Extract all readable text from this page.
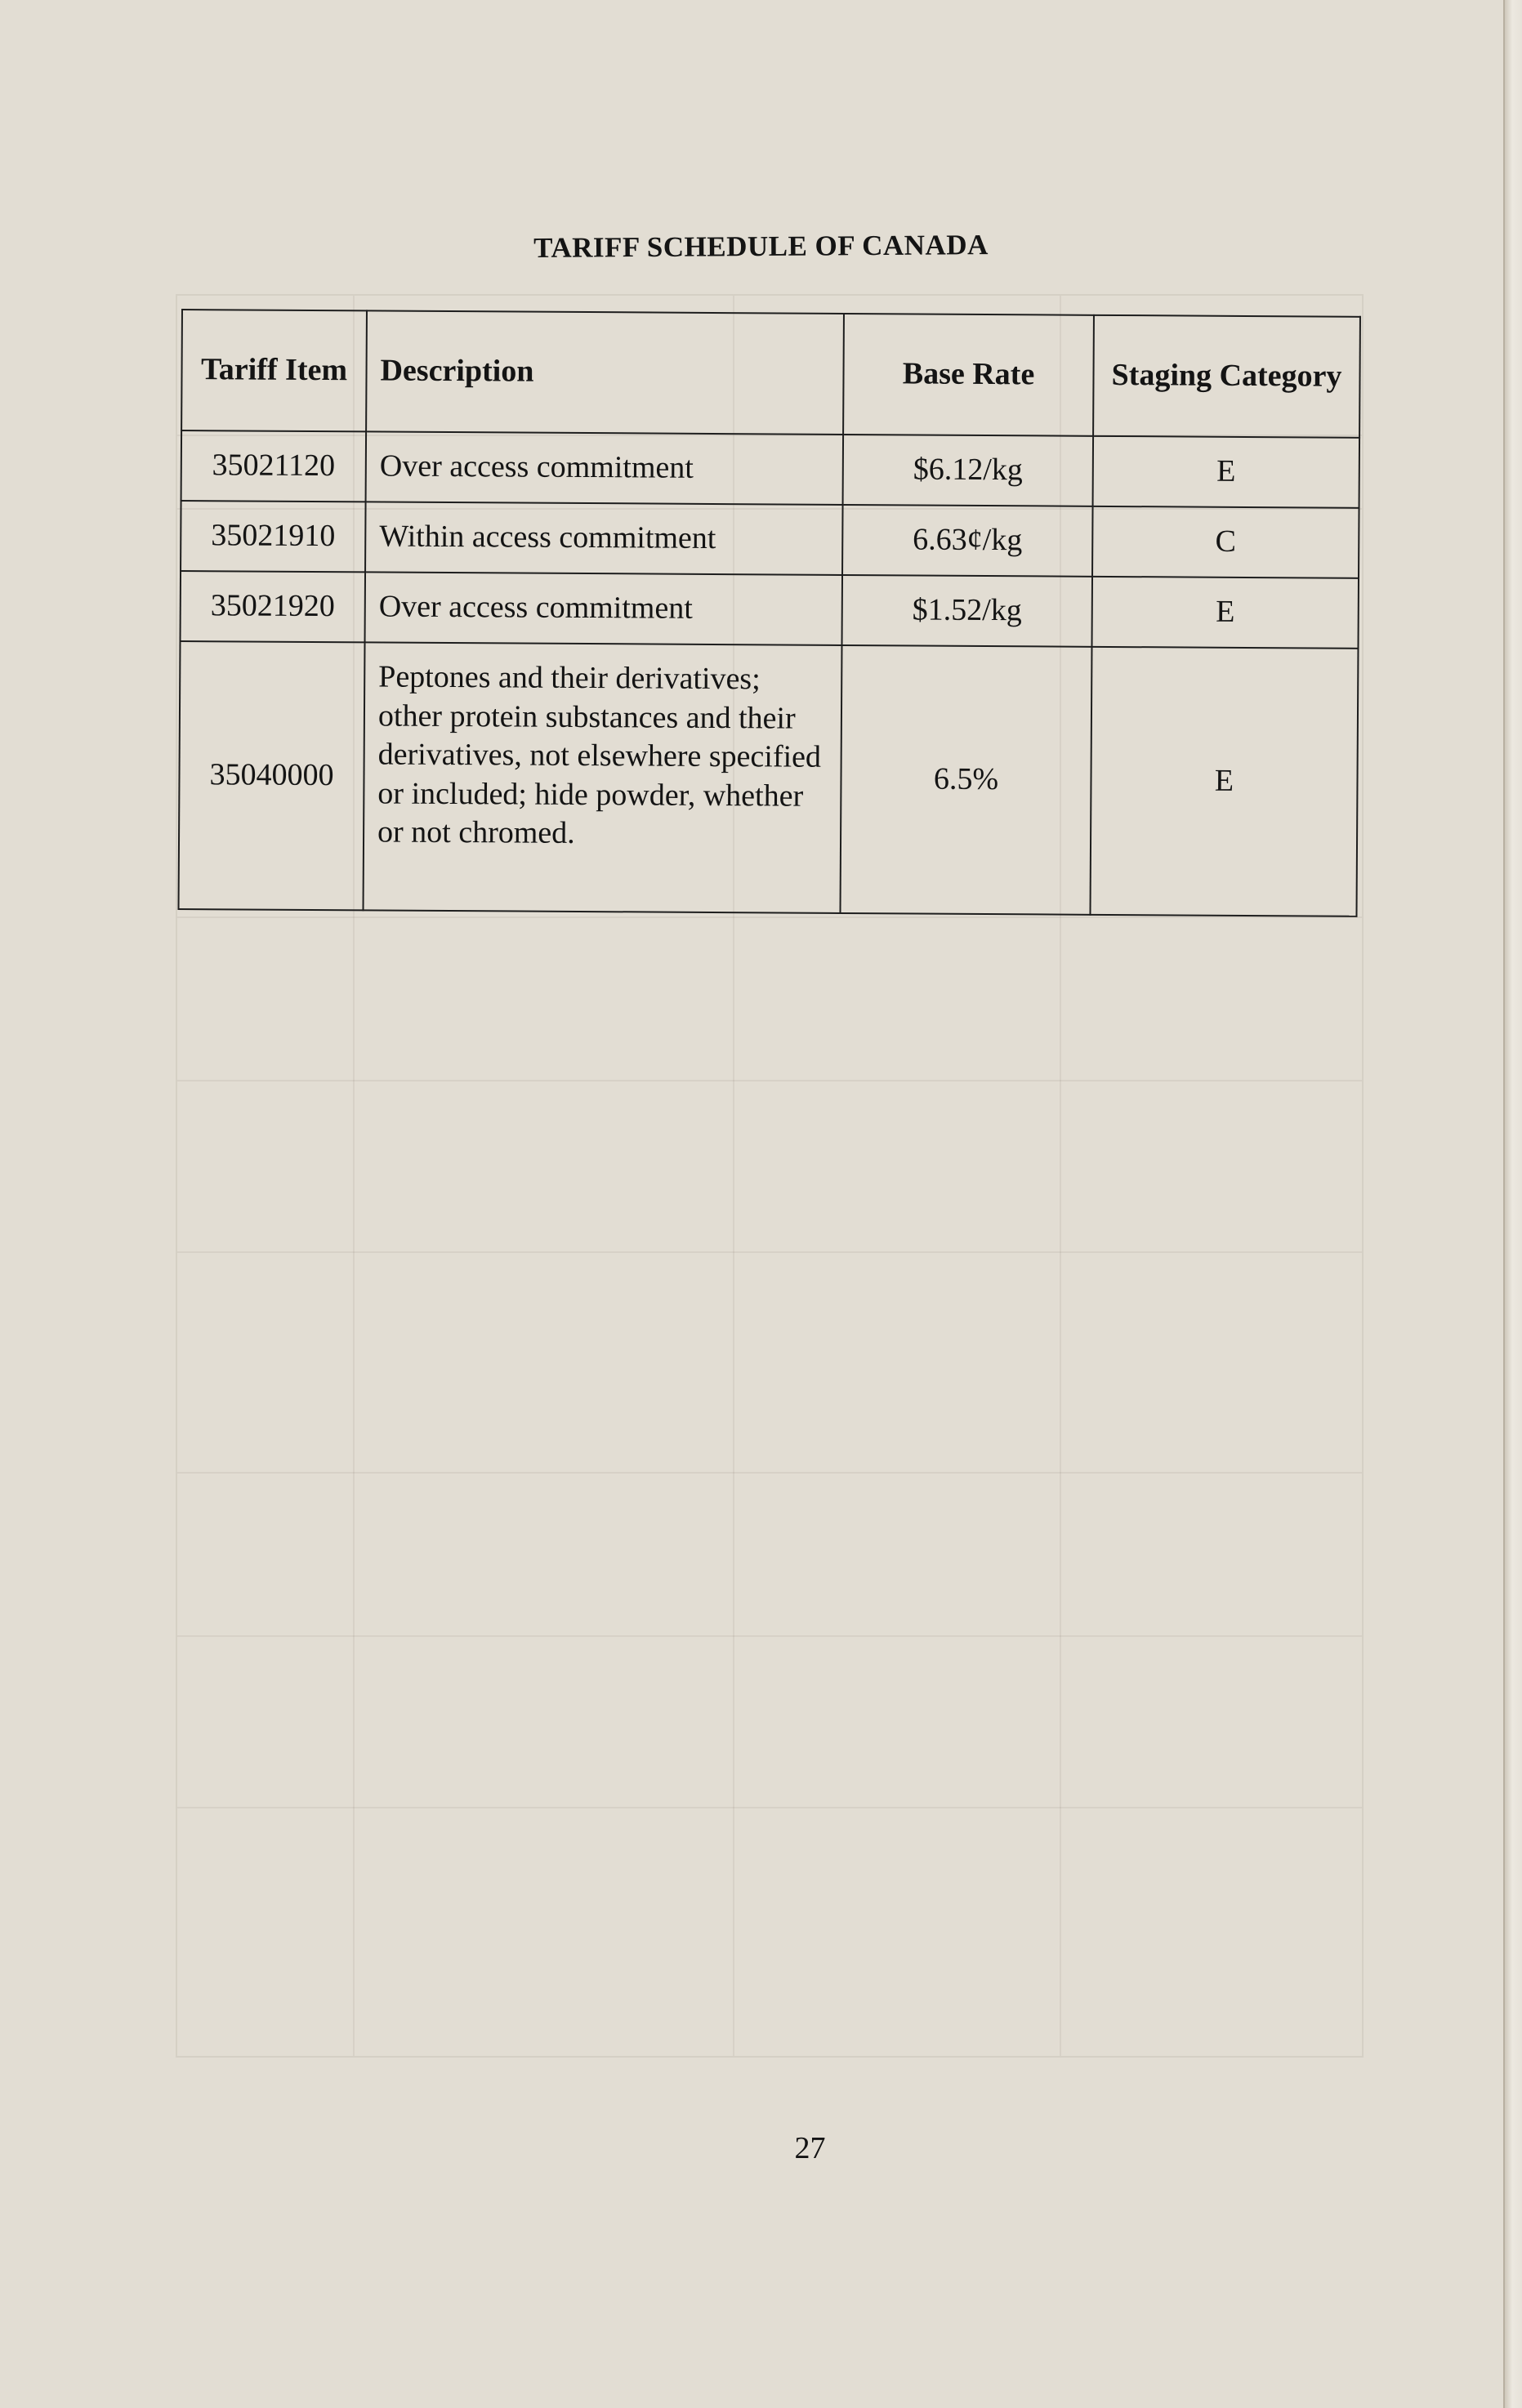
TARIFF SCHEDULE OF CANADA
Tariff Item	Description	Base Rate	Staging Category
35021120	Over access commitment	$6.12/kg	E
35021910	Within access commitment	6.63¢/kg	C
35021920	Over access commitment	$1.52/kg	E
35040000	Peptones and their derivatives; other protein substances and their derivatives, not elsewhere specified or included; hide powder, whether or not chromed.	6.5%	E
27
